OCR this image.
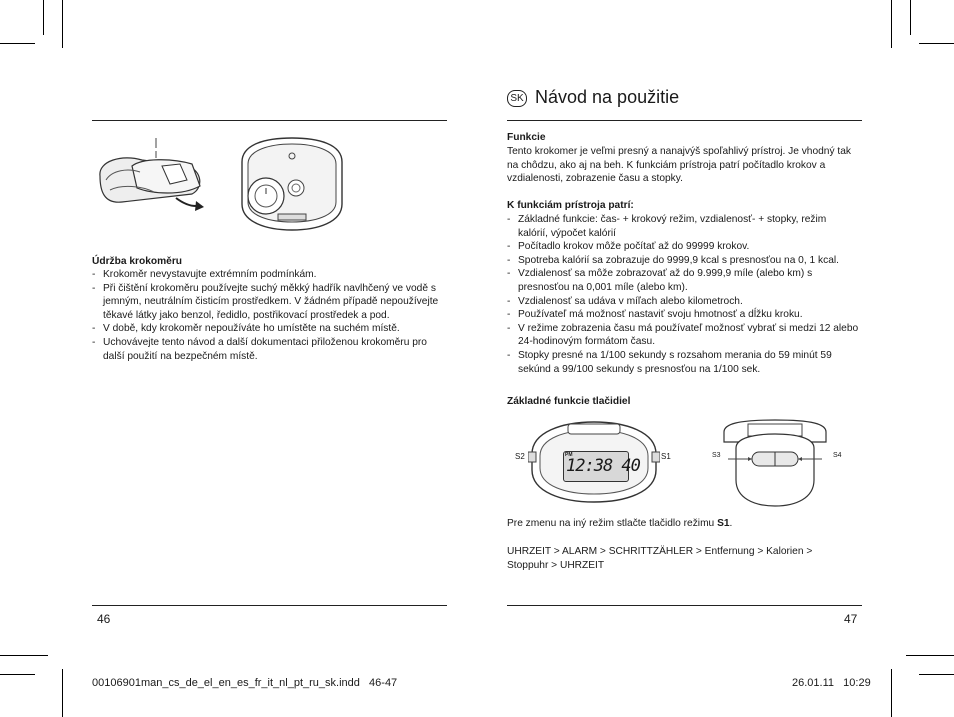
Údržba krokoměru
- Krokoměr nevystavujte extrémním podmínkám.
- Při čištění krokoměru používejte suchý měkký hadřík navlhčený ve vodě s jemným, neutrálním čisticím prostředkem. V žádném případě nepoužívejte těkavé látky jako benzol, ředidlo, postřikovací prostředek a pod.
- V době, kdy krokoměr nepoužíváte ho umístěte na suchém místě.
- Uchovávejte tento návod a další dokumentaci přiloženou krokoměru pro další použití na bezpečném místě.
46
SK Návod na použitie
Funkcie
Tento krokomer je veľmi presný a nanajvýš spoľahlivý prístroj. Je vhodný tak na chôdzu, ako aj na beh. K funkciám prístroja patrí počítadlo krokov a vzdialenosti, zobrazenie času a stopky.
K funkciám prístroja patrí:
- Základné funkcie: čas- + krokový režim, vzdialenosť- + stopky, režim kalórií, výpočet kalórií
- Počítadlo krokov môže počítať až do 99999 krokov.
- Spotreba kalórií sa zobrazuje do 9999,9 kcal s presnosťou na 0, 1 kcal.
- Vzdialenosť sa môže zobrazovať až do 9.999,9 míle (alebo km) s presnosťou na 0,001 míle (alebo km).
- Vzdialenosť sa udáva v míľach alebo kilometroch.
- Používateľ má možnosť nastaviť svoju hmotnosť a dĺžku kroku.
- V režime zobrazenia času má používateľ možnosť vybrať si medzi 12 alebo 24-hodinovým formátom času.
- Stopky presné na 1/100 sekundy s rozsahom merania do 59 minút 59 sekúnd a 99/100 sekundy s presnosťou na 1/100 sek.
Základné funkcie tlačidiel
PM
12:38 40
S2	S1	S3	S4
Pre zmenu na iný režim stlačte tlačidlo režimu S1.
UHRZEIT > ALARM > SCHRITTZÄHLER > Entfernung > Kalorien >
Stoppuhr > UHRZEIT
47
00106901man_cs_de_el_en_es_fr_it_nl_pt_ru_sk.indd   46-47	26.01.11   10:29
